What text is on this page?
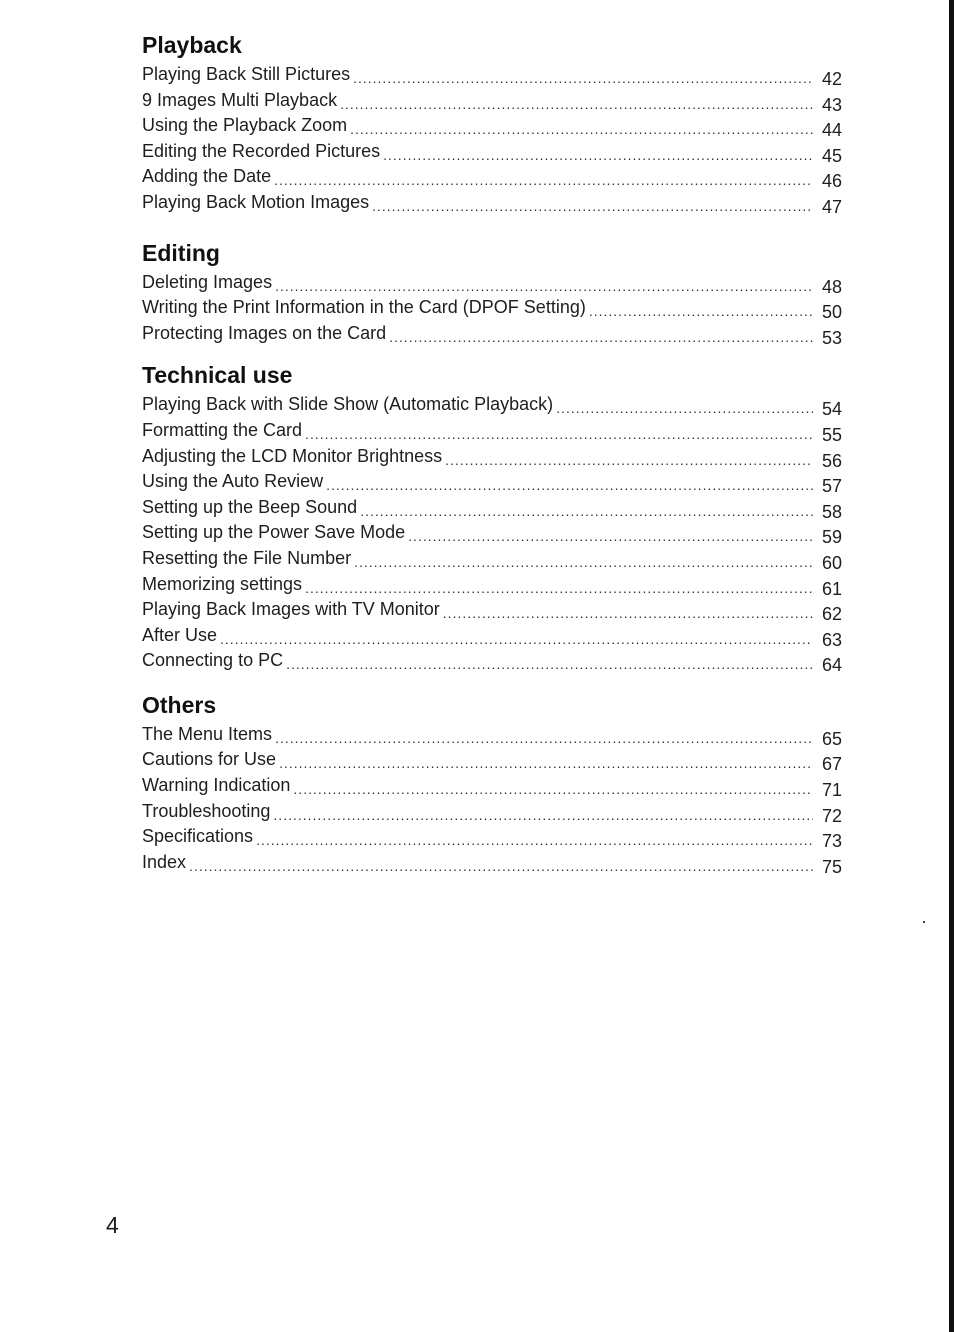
Playback
Playing Back Still Pictures .....	42
9 Images Multi Playback .....	43
Using the Playback Zoom .....	44
Editing the Recorded Pictures .....	45
Adding the Date .....	46
Playing Back Motion Images .....	47
Editing
Deleting Images .....	48
Writing the Print Information in the Card (DPOF Setting) .....	50
Protecting Images on the Card .....	53
Technical use
Playing Back with Slide Show (Automatic Playback) .....	54
Formatting the Card .....	55
Adjusting the LCD Monitor Brightness .....	56
Using the Auto Review .....	57
Setting up the Beep Sound .....	58
Setting up the Power Save Mode .....	59
Resetting the File Number .....	60
Memorizing settings .....	61
Playing Back Images with TV Monitor .....	62
After Use .....	63
Connecting to PC .....	64
Others
The Menu Items .....	65
Cautions for Use .....	67
Warning Indication .....	71
Troubleshooting .....	72
Specifications .....	73
Index .....	75
4
